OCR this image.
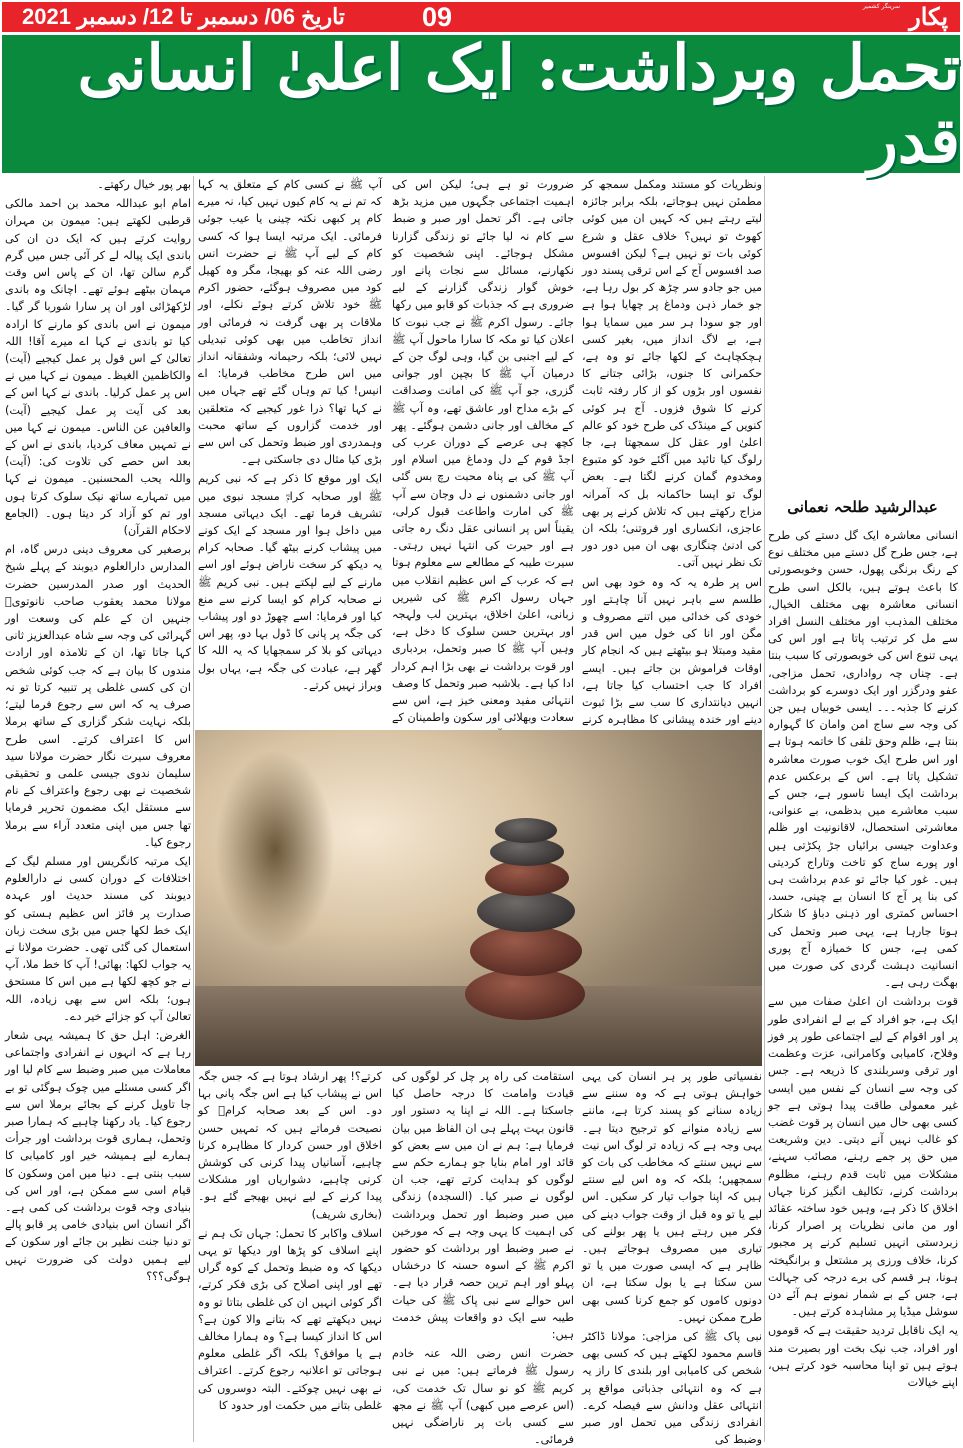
تاریخ 06/ دسمبر تا 12/ دسمبر 2021	09	سرینگر کشمیر پکار
تحمل وبرداشت: ایک اعلیٰ انسانی قدر

انسانی معاشرہ ایک گل دستے کی طرح ہے، جس طرح گل دستے میں مختلف نوع کے رنگ برنگی پھول، حسن وخوبصورتی کا باعث ہوتے ہیں، بالکل اسی طرح انسانی معاشرہ بھی مختلف الخیال، مختلف المذہب اور مختلف النسل افراد سے مل کر ترتیب پاتا ہے اور اس کی یہی تنوع اس کی خوبصورتی کا سبب بنتا ہے۔ چناں چہ رواداری، تحمل مزاجی، عفو ودرگزر اور ایک دوسرے کو برداشت کرنے کا جذبہ۔۔۔ ایسی خوبیاں ہیں جن کی وجہ سے ساج امن وامان کا گہوارہ بنتا ہے، ظلم وحق تلفی کا خاتمہ ہوتا ہے اور اس طرح ایک خوب صورت معاشرہ تشکیل پاتا ہے۔ اس کے برعکس عدم برداشت ایک ایسا ناسور ہے، جس کے سبب معاشرے میں بدظمی، بے عنوانی، معاشرتی استحصال، لاقانونیت اور ظلم وعداوت جیسی برائیاں جڑ پکڑتی ہیں اور پورے ساج کو تاخت وتاراج کردیتی ہیں۔ غور کیا جائے تو عدم برداشت ہی کی بنا پر آج کا انسان بے چینی، حسد، احساس کمتری اور ذہنی دباؤ کا شکار ہوتا جارہا ہے، یہی صبر وتحمل کی کمی ہے، جس کا خمیازہ آج پوری انسانیت دہشت گردی کی صورت میں بھگت رہی ہے۔

قوت برداشت ان اعلیٰ صفات میں سے ایک ہے، جو افراد کے بے لے انفرادی طور پر اور اقوام کے لیے اجتماعی طور پر فوز وفلاح، کامیابی وکامرانی، عزت وعظمت اور ترقی وسربلندی کا ذریعہ ہے۔ جس کی وجہ سے انسان کے نفس میں ایسی غیر معمولی طاقت پیدا ہوتی ہے جو کسی بھی حال میں انسان پر قوت غضب کو غالب نہیں آنے دیتی۔ دین وشریعت میں حق پر جمے رہنے، مصائب سہنے، مشکلات میں ثابت قدم رہنے، مظلوم برداشت کرنے، تکالیف انگیز کرنا جہاں اخلاق کا ذکر ہے، وہیں خود ساختہ عقائد اور من مانی نظریات پر اصرار کرنا، زبردستی انہیں تسلیم کرنے پر مجبور کرنا، خلاف ورزی پر مشتعل و برانگیختہ ہونا، ہر قسم کی برے درجہ کی جہالت ہے، جس کے بے شمار نمونے ہم آئے دن سوشل میڈیا پر مشاہدہ کرتے ہیں۔

یہ ایک ناقابل تردید حقیقت ہے کہ قوموں اور افراد، جب نیک بخت اور بصیرت مند ہوتے ہیں تو اپنا محاسبہ خود کرتے ہیں، اپنے خیالات

عبدالرشید طلحہ نعمانی

ونظریات کو مستند ومکمل سمجھ کر مطمئن نہیں ہوجاتے، بلکہ برابر جائزہ لیتے رہتے ہیں کہ کہیں ان میں کوئی کھوٹ تو نہیں؟ خلاف عقل و شرع کوئی بات تو نہیں ہے؟ لیکن افسوس صد افسوس آج کے اس ترقی پسند دور میں جو جادو سر چڑھ کر بول رہا ہے، جو خمار ذہن ودماغ پر چھایا ہوا ہے اور جو سودا ہر سر میں سمایا ہوا ہے، بے لاگ انداز میں، بغیر کسی ہچکچاہٹ کے لکھا جائے تو وہ ہے، حکمرانی کا جنوں، بڑائی جتانے کا نفسوں اور بڑوں کو از کار رفتہ ثابت کرنے کا شوق فزوں۔ آج ہر کوئی کنویں کے مینڈک کی طرح خود کو عالم اعلیٰ اور عقل کل سمجھتا ہے، جا رلوگ کیا تائید میں آگئے خود کو متبوع ومخدوم گمان کرنے لگتا ہے۔ بعض لوگ تو ایسا حاکمانہ بل کہ آمرانہ مزاج رکھتے ہیں کہ تلاش کرنے پر بھی عاجزی، انکساری اور فروتنی؛ بلکہ ان کی ادنیٰ چنگاری بھی ان میں دور دور تک نظر نہیں آتی۔

اس پر طرہ یہ کہ وہ خود بھی اس طلسم سے باہر نہیں آنا چاہتے اور خودی کی خدائی میں اتنے مصروف و مگن اور انا کی خول میں اس قدر مقید ومبتلا ہو بیٹھتے ہیں کہ انجام کار اوقات فراموش بن جاتے ہیں۔ ایسے افراد کا جب احتساب کیا جاتا ہے، انہیں دیانتداری کا سب سے بڑا ثبوت دینے اور خندہ پیشانی کا مظاہرہ کرنے

ضرورت تو ہے ہی؛ لیکن اس کی اہمیت اجتماعی جگہوں میں مزید بڑھ جاتی ہے۔ اگر تحمل اور صبر و ضبط سے کام نہ لیا جائے تو زندگی گزارنا مشکل ہوجائے۔ اپنی شخصیت کو نکھارنے، مسائل سے نجات پانے اور خوش گوار زندگی گزارنے کے لیے ضروری ہے کہ جذبات کو قابو میں رکھا جائے۔ رسول اکرم ﷺ نے جب نبوت کا اعلان کیا تو مکہ کا سارا ماحول آپ ﷺ کے لیے اجنبی بن گیا، وہی لوگ جن کے درمیان آپ ﷺ کا بچپن اور جوانی گزری، جو آپ ﷺ کی امانت وصداقت کے بڑے مداح اور عاشق تھے، وہ آپ ﷺ کے مخالف اور جانی دشمن ہوگئے۔ پھر کچھ ہی عرصے کے دوران عرب کی اجڈ قوم کے دل ودماغ میں اسلام اور آپ ﷺ کی بے پناہ محبت رچ بس گئی اور جانی دشمنوں نے دل وجان سے آپ ﷺ کی امارت واطاعت قبول کرلی، یقیناً اس پر انسانی عقل دنگ رہ جاتی ہے اور حیرت کی انتہا نہیں رہتی۔ سیرت طیبہ کے مطالعے سے معلوم ہوتا ہے کہ عرب کے اس عظیم انقلاب میں جہاں رسول اکرم ﷺ کی شیریں زبانی، اعلیٰ اخلاق، بہترین لب ولہجہ اور بہترین حسن سلوک کا دخل ہے، وہیں آپ ﷺ کا صبر وتحمل، بردباری اور قوت برداشت نے بھی بڑا اہم کردار ادا کیا ہے۔ بلاشبہ صبر وتحمل کا وصف انتہائی مفید ومعنی خیز ہے، اس سے سعادت وبھلائی اور سکون واطمینان کے

آپ ﷺ نے کسی کام کے متعلق یہ کہا کہ تم نے یہ کام کیوں نہیں کیا، نہ میرے کام پر کبھی نکتہ چینی یا عیب جوئی فرمائی۔ ایک مرتبہ ایسا ہوا کہ کسی کام کے لیے آپ ﷺ نے حضرت انس رضی اللہ عنہ کو بھیجا، مگر وہ کھیل کود میں مصروف ہوگئے، حضور اکرم ﷺ خود تلاش کرتے ہوئے نکلے، اور ملاقات پر بھی گرفت نہ فرمائی اور انداز تخاطب میں بھی کوئی تبدیلی نہیں لائی؛ بلکہ رحیمانہ وشفقانہ انداز میں اس طرح مخاطب فرمایا: اے انیس! کیا تم وہاں گئے تھے جہاں میں نے کہا تھا؟ ذرا غور کیجیے کہ متعلقین اور خدمت گزاروں کے ساتھ محبت وہمدردی اور ضبط وتحمل کی اس سے بڑی کیا مثال دی جاسکتی ہے۔

ایک اور موقع کا ذکر ہے کہ نبی کریم ﷺ اور صحابہ کرامؓ مسجد نبوی میں تشریف فرما تھے۔ ایک دیہاتی مسجد میں داخل ہوا اور مسجد کے ایک کونے میں پیشاب کرنے بیٹھ گیا۔ صحابہ کرام یہ دیکھ کر سخت ناراض ہوئے اور اسے مارنے کے لیے لپکتے ہیں۔ نبی کریم ﷺ نے صحابہ کرام کو ایسا کرنے سے منع کیا اور فرمایا: اسے چھوڑ دو اور پیشاب کی جگہ پر پانی کا ڈول بہا دو، پھر اس دیہاتی کو بلا کر سمجھایا کہ یہ اللہ کا گھر ہے، عبادت کی جگہ ہے، یہاں بول وبراز نہیں کرتے۔

بھر پور خیال رکھتے۔

امام ابو عبداللہ محمد بن احمد مالکی قرطبی لکھتے ہیں: میمون بن مہران روایت کرتے ہیں کہ ایک دن ان کی باندی ایک پیالہ لے کر آئی جس میں گرم گرم سالن تھا، ان کے پاس اس وقت مہمان بیٹھے ہوئے تھے۔ اچانک وہ باندی لڑکھڑائی اور ان پر سارا شوربا گر گیا۔ میمون نے اس باندی کو مارنے کا ارادہ کیا تو باندی نے کہا اے میرے آقا! اللہ تعالیٰ کے اس قول پر عمل کیجیے (آیت) والکاظمین الغیظ۔ میمون نے کہا میں نے اس پر عمل کرلیا۔ باندی نے کہا اس کے بعد کی آیت پر عمل کیجیے (آیت) والعافین عن الناس۔ میمون نے کہا میں نے تمہیں معاف کردیا، باندی نے اس کے بعد اس حصے کی تلاوت کی: (آیت) واللہ یحب المحسنین۔ میمون نے کہا میں تمہارے ساتھ نیک سلوک کرتا ہوں اور تم کو آزاد کر دیتا ہوں۔ (الجامع لاحکام القرآن)

برصغیر کی معروف دینی درس گاہ، ام المدارس دارالعلوم دیوبند کے پہلے شیخ الحدیث اور صدر المدرسین حضرت مولانا محمد یعقوب صاحب نانوتویؒ جنہیں ان کے علم کی وسعت اور گہرائی کی وجہ سے شاہ عبدالعزیز ثانی کہا جاتا تھا، ان کے تلامذہ اور ارادت مندوں کا بیان ہے کہ جب کوئی شخص ان کی کسی غلطی پر تنبیہ کرتا تو نہ صرف یہ کہ اس سے رجوع فرما لیتے؛ بلکہ نہایت شکر گزاری کے ساتھ برملا اس کا اعتراف کرتے۔ اسی طرح معروف سیرت نگار حضرت مولانا سید سلیمان ندوی جیسی علمی و تحقیقی شخصیت نے بھی رجوع واعتراف کے نام سے مستقل ایک مضمون تحریر فرمایا تھا جس میں اپنی متعدد آراء سے برملا رجوع کیا۔

ایک مرتبہ کانگریس اور مسلم لیگ کے اختلافات کے دوران کسی نے دارالعلوم دیوبند کی مسند حدیث اور عہدہ صدارت پر فائز اس عظیم ہستی کو ایک خط لکھا جس میں بڑی سخت زبان استعمال کی گئی تھی۔ حضرت مولانا نے یہ جواب لکھا: بھائی! آپ کا خط ملا، آپ نے جو کچھ لکھا ہے میں اس کا مستحق ہوں؛ بلکہ اس سے بھی زیادہ، اللہ تعالیٰ آپ کو جزائے خیر دے۔

الغرض: اہل حق کا ہمیشہ یہی شعار رہا ہے کہ انہوں نے انفرادی واجتماعی معاملات میں صبر وضبط سے کام لیا اور اگر کسی مسئلے میں چوک ہوگئی تو بے جا تاویل کرنے کے بجائے برملا اس سے رجوع کیا۔ یاد رکھنا چاہیے کہ ہمارا صبر وتحمل، ہماری قوت برداشت اور جرأت ہمارے لیے ہمیشہ خیر اور کامیابی کا سبب بنتی ہے۔ دنیا میں امن وسکون کا قیام اسی سے ممکن ہے، اور اس کی بنیادی وجہ قوت برداشت کی کمی ہے۔ اگر انسان اس بنیادی خامی پر قابو پالے تو دنیا جنت نظیر بن جائے اور سکون کے لیے ہمیں دولت کی ضرورت نہیں ہوگی؟؟؟

نفسیاتی طور پر ہر انسان کی یہی خواہش ہوتی ہے کہ وہ سننے سے زیادہ سنانے کو پسند کرتا ہے، ماننے سے زیادہ منوانے کو ترجیح دیتا ہے۔ یہی وجہ ہے کہ زیادہ تر لوگ اس نیت سے نہیں سنتے کہ مخاطب کی بات کو سمجھیں؛ بلکہ کہ وہ اس لیے سنتے ہیں کہ اپنا جواب تیار کر سکیں۔ اس لیے یا تو وہ قبل از وقت جواب دینے کی فکر میں رہتے ہیں یا پھر بولنے کی تیاری میں مصروف ہوجاتے ہیں۔ ظاہر ہے کہ ایسی صورت میں یا تو سن سکتا ہے یا بول سکتا ہے، ان دونوں کاموں کو جمع کرنا کسی بھی طرح ممکن نہیں۔

نبی پاک ﷺ کی مزاجی: مولانا ڈاکٹر قاسم محمود لکھتے ہیں کہ کسی بھی شخص کی کامیابی اور بلندی کا راز یہ ہے کہ وہ انتہائی جذباتی مواقع پر انتہائی عقل ودانش سے فیصلہ کرے۔ انفرادی زندگی میں تحمل اور صبر وضبط کی

استقامت کی راہ پر چل کر لوگوں کی قیادت وامامت کا درجہ حاصل کیا جاسکتا ہے۔ اللہ نے اپنا یہ دستور اور قانون بہت پہلے ہی ان الفاظ میں بیان فرمایا ہے: ہم نے ان میں سے بعض کو قائد اور امام بنایا جو ہمارے حکم سے لوگوں کو ہدایت کرتے تھے، جب ان لوگوں نے صبر کیا۔ (السجدہ) زندگی میں صبر وضبط اور تحمل وبرداشت کی اہمیت کا یہی وجہ ہے کہ مورخین نے صبر وضبط اور برداشت کو حضور اکرم ﷺ کے اسوہ حسنہ کا درخشاں پہلو اور اہم ترین حصہ قرار دیا ہے۔ اس حوالے سے نبی پاک ﷺ کی حیات طیبہ سے ایک دو واقعات پیش خدمت ہیں:

حضرت انس رضی اللہ عنہ خادم رسول ﷺ فرماتے ہیں: میں نے نبی کریم ﷺ کو نو سال تک خدمت کی، (اس عرصے میں کبھی) آپ ﷺ نے مجھ سے کسی بات پر ناراضگی نہیں فرمائی۔

کرتے؟! پھر ارشاد ہوتا ہے کہ جس جگہ اس نے پیشاب کیا ہے اس جگہ پانی بہا دو۔ اس کے بعد صحابہ کرامؓ کو نصیحت فرماتے ہیں کہ تمہیں حسن اخلاق اور حسن کردار کا مظاہرہ کرنا چاہیے، آسانیاں پیدا کرنی کی کوشش کرنی چاہیے، دشواریاں اور مشکلات پیدا کرنے کے لیے نہیں بھیجے گئے ہو۔ (بخاری شریف)

اسلاف واکابر کا تحمل: جہاں تک ہم نے اپنے اسلاف کو پڑھا اور دیکھا تو یہی دیکھا کہ وہ ضبط وتحمل کے کوہ گراں تھے اور اپنی اصلاح کی بڑی فکر کرتے، اگر کوئی انہیں ان کی غلطی بتاتا تو وہ نہیں دیکھتے تھے کہ بتانے والا کون ہے؟ اس کا انداز کیسا ہے؟ وہ ہمارا مخالف ہے یا موافق؟ بلکہ اگر غلطی معلوم ہوجاتی تو اعلانیہ رجوع کرتے۔ اعتراف نے بھی نہیں چوکتے۔ البتہ دوسروں کی غلطی بتانے میں حکمت اور حدود کا
